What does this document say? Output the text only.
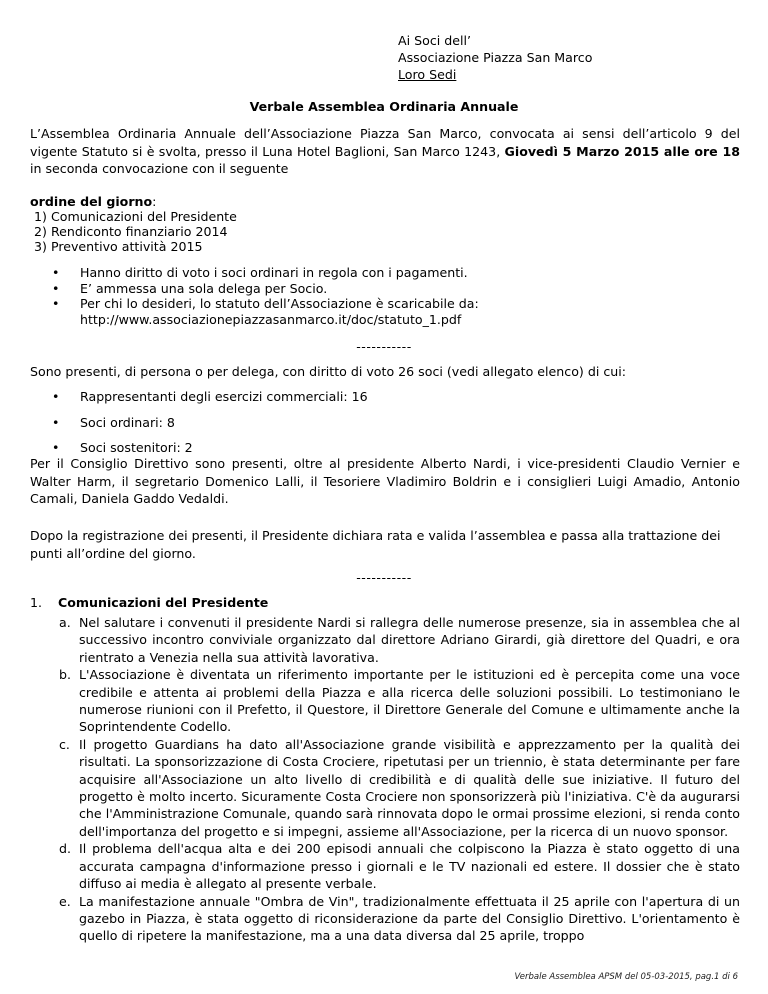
Ai Soci dell’
Associazione Piazza San Marco
Loro Sedi
Verbale Assemblea Ordinaria Annuale
L’Assemblea Ordinaria Annuale dell’Associazione Piazza San Marco, convocata ai sensi dell’articolo 9 del vigente Statuto si è svolta, presso il Luna Hotel Baglioni, San Marco 1243, Giovedì 5 Marzo 2015 alle ore 18 in seconda convocazione con il seguente
ordine del giorno:
1) Comunicazioni del Presidente
2) Rendiconto finanziario 2014
3) Preventivo attività 2015
• Hanno diritto di voto i soci ordinari in regola con i pagamenti.
• E’ ammessa una sola delega per Socio.
• Per chi lo desideri, lo statuto dell’Associazione è scaricabile da:
http://www.associazionepiazzasanmarco.it/doc/statuto_1.pdf
-----------
Sono presenti, di persona o per delega, con diritto di voto 26 soci (vedi allegato elenco) di cui:
• Rappresentanti degli esercizi commerciali: 16
• Soci ordinari: 8
• Soci sostenitori: 2
Per il Consiglio Direttivo sono presenti, oltre al presidente Alberto Nardi, i vice-presidenti Claudio Vernier e Walter Harm, il segretario Domenico Lalli, il Tesoriere Vladimiro Boldrin e i consiglieri Luigi Amadio, Antonio Camali, Daniela Gaddo Vedaldi.
Dopo la registrazione dei presenti, il Presidente dichiara rata e valida l’assemblea e passa alla trattazione dei punti all’ordine del giorno.
-----------
1. Comunicazioni del Presidente
a. Nel salutare i convenuti il presidente Nardi si rallegra delle numerose presenze, sia in assemblea che al successivo incontro conviviale organizzato dal direttore Adriano Girardi, già direttore del Quadri, e ora rientrato a Venezia nella sua attività lavorativa.
b. L'Associazione è diventata un riferimento importante per le istituzioni ed è percepita come una voce credibile e attenta ai problemi della Piazza e alla ricerca delle soluzioni possibili. Lo testimoniano le numerose riunioni con il Prefetto, il Questore, il Direttore Generale del Comune e ultimamente anche la Soprintendente Codello.
c. Il progetto Guardians ha dato all'Associazione grande visibilità e apprezzamento per la qualità dei risultati. La sponsorizzazione di Costa Crociere, ripetutasi per un triennio, è stata determinante per fare acquisire all'Associazione un alto livello di credibilità e di qualità delle sue iniziative. Il futuro del progetto è molto incerto. Sicuramente Costa Crociere non sponsorizzerà più l'iniziativa. C'è da augurarsi che l'Amministrazione Comunale, quando sarà rinnovata dopo le ormai prossime elezioni, si renda conto dell'importanza del progetto e si impegni, assieme all'Associazione, per la ricerca di un nuovo sponsor.
d. Il problema dell'acqua alta e dei 200 episodi annuali che colpiscono la Piazza è stato oggetto di una accurata campagna d'informazione presso i giornali e le TV nazionali ed estere. Il dossier che è stato diffuso ai media è allegato al presente verbale.
e. La manifestazione annuale "Ombra de Vin", tradizionalmente effettuata il 25 aprile con l'apertura di un gazebo in Piazza, è stata oggetto di riconsiderazione da parte del Consiglio Direttivo. L'orientamento è quello di ripetere la manifestazione, ma a una data diversa dal 25 aprile, troppo
Verbale Assemblea APSM del 05-03-2015, pag.1 di 6
